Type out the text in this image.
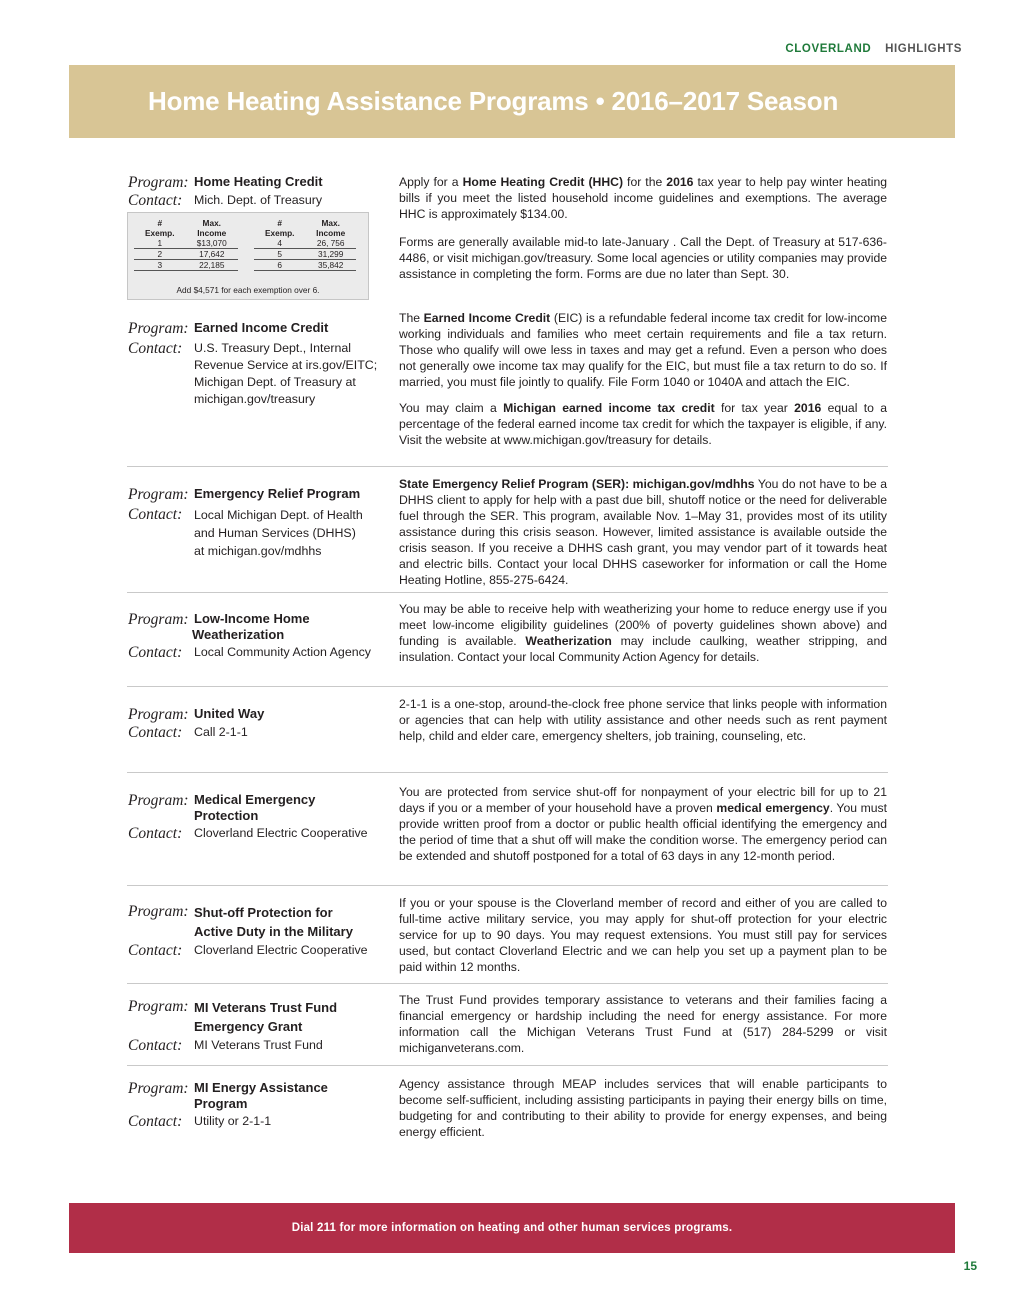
CLOVERLAND HIGHLIGHTS
Home Heating Assistance Programs • 2016–2017 Season
Program: Home Heating Credit
Contact: Mich. Dept. of Treasury
#	Max.
Exemp.	Income
1	$13,070
2	17,642
3	22,185
#	Max.
Exemp.	Income
4	26, 756
5	31,299
6	35,842
Add $4,571 for each exemption over 6.

Apply for a Home Heating Credit (HHC) for the 2016 tax year to help pay winter heating bills if you meet the listed household income guidelines and exemptions. The average HHC is approximately $134.00.

Forms are generally available mid-to late-January . Call the Dept. of Treasury at 517-636-4486, or visit michigan.gov/treasury. Some local agencies or utility companies may provide assistance in completing the form. Forms are due no later than Sept. 30.

Program: Earned Income Credit
Contact: U.S. Treasury Dept., Internal
Revenue Service at irs.gov/EITC;
Michigan Dept. of Treasury at
michigan.gov/treasury

The Earned Income Credit (EIC) is a refundable federal income tax credit for low-income working individuals and families who meet certain requirements and file a tax return. Those who qualify will owe less in taxes and may get a refund. Even a person who does not generally owe income tax may qualify for the EIC, but must file a tax return to do so. If married, you must file jointly to qualify. File Form 1040 or 1040A and attach the EIC.

You may claim a Michigan earned income tax credit for tax year 2016 equal to a percentage of the federal earned income tax credit for which the taxpayer is eligible, if any. Visit the website at www.michigan.gov/treasury for details.

Program: Emergency Relief Program
Contact: Local Michigan Dept. of Health
and Human Services (DHHS)
at michigan.gov/mdhhs

State Emergency Relief Program (SER): michigan.gov/mdhhs You do not have to be a DHHS client to apply for help with a past due bill, shutoff notice or the need for deliverable fuel through the SER. This program, available Nov. 1–May 31, provides most of its utility assistance during this crisis season. However, limited assistance is available outside the crisis season. If you receive a DHHS cash grant, you may vendor part of it towards heat and electric bills. Contact your local DHHS caseworker for information or call the Home Heating Hotline, 855-275-6424.

Program: Low-Income Home
Weatherization
Contact: Local Community Action Agency

You may be able to receive help with weatherizing your home to reduce energy use if you meet low-income eligibility guidelines (200% of poverty guidelines shown above) and funding is available. Weatherization may include caulking, weather stripping, and insulation. Contact your local Community Action Agency for details.

Program: United Way
Contact: Call 2-1-1

2-1-1 is a one-stop, around-the-clock free phone service that links people with information or agencies that can help with utility assistance and other needs such as rent payment help, child and elder care, emergency shelters, job training, counseling, etc.

Program: Medical Emergency
Protection
Contact: Cloverland Electric Cooperative

You are protected from service shut-off for nonpayment of your electric bill for up to 21 days if you or a member of your household have a proven medical emergency. You must provide written proof from a doctor or public health official identifying the emergency and the period of time that a shut off will make the condition worse. The emergency period can be extended and shutoff postponed for a total of 63 days in any 12-month period.

Program: Shut-off Protection for
Active Duty in the Military
Contact: Cloverland Electric Cooperative

If you or your spouse is the Cloverland member of record and either of you are called to full-time active military service, you may apply for shut-off protection for your electric service for up to 90 days. You may request extensions. You must still pay for services used, but contact Cloverland Electric and we can help you set up a payment plan to be paid within 12 months.

Program: MI Veterans Trust Fund
Emergency Grant
Contact: MI Veterans Trust Fund

The Trust Fund provides temporary assistance to veterans and their families facing a financial emergency or hardship including the need for energy assistance. For more information call the Michigan Veterans Trust Fund at (517) 284-5299 or visit michiganveterans.com.

Program: MI Energy Assistance
Program
Contact: Utility or 2-1-1

Agency assistance through MEAP includes services that will enable participants to become self-sufficient, including assisting participants in paying their energy bills on time, budgeting for and contributing to their ability to provide for energy expenses, and being energy efficient.

Dial 211 for more information on heating and other human services programs.
15
